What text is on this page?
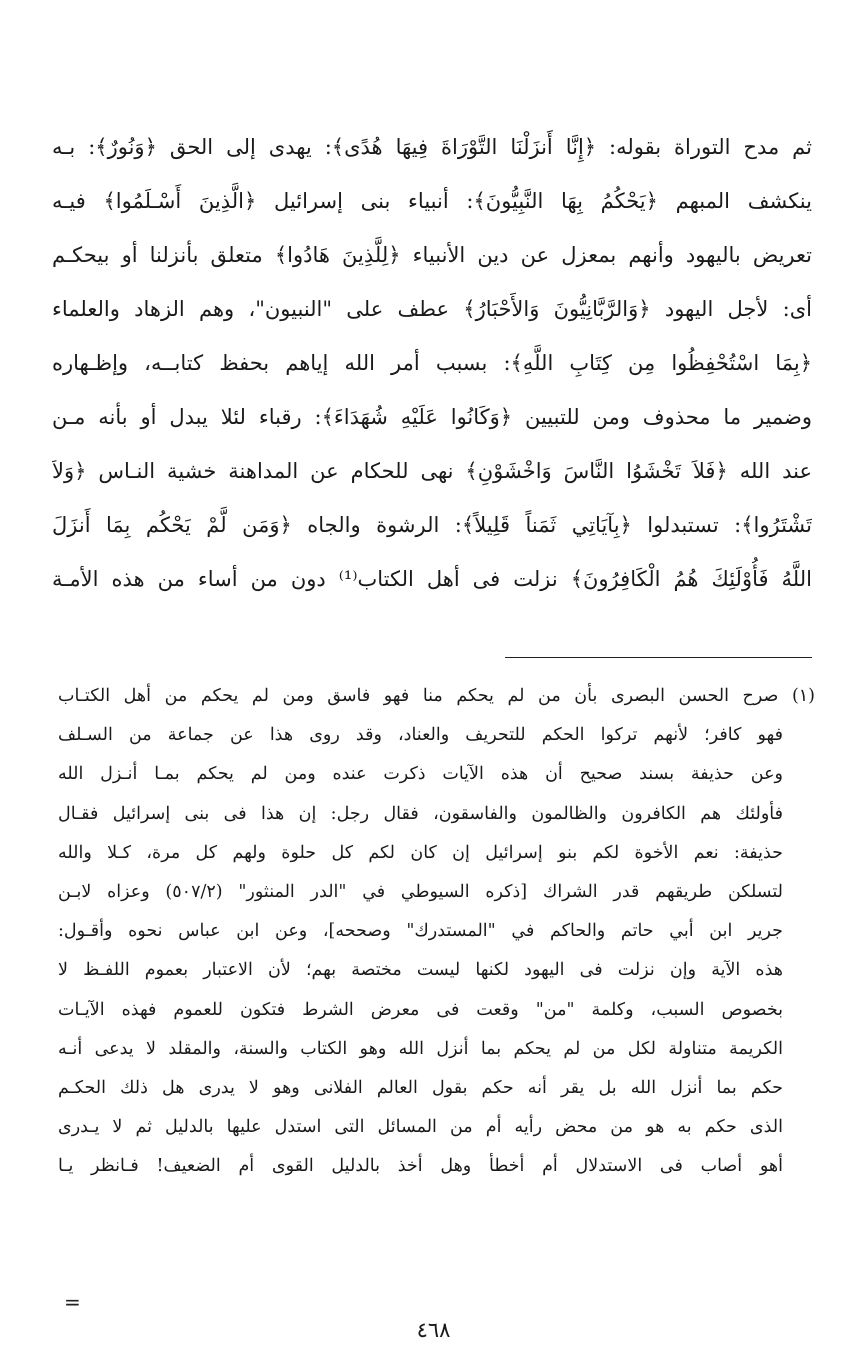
ثم مدح التوراة بقوله: ﴿إِنَّا أَنزَلْنَا التَّوْرَاةَ فِيهَا هُدًى﴾: يهدى إلى الحق ﴿وَنُورٌ﴾: بـه
ينكشف المبهم ﴿يَحْكُمُ بِهَا النَّبِيُّونَ﴾: أنبياء بنى إسرائيل ﴿الَّذِينَ أَسْـلَمُوا﴾ فيـه
تعريض باليهود وأنهم بمعزل عن دين الأنبياء ﴿لِلَّذِينَ هَادُوا﴾ متعلق بأنزلنا أو بيحكـم
أى: لأجل اليهود ﴿وَالرَّبَّانِيُّونَ وَالأَحْبَارُ﴾ عطف على "النبيون"، وهم الزهاد والعلماء
﴿بِمَا اسْتُحْفِظُوا مِن كِتَابِ اللَّهِ﴾: بسبب أمر الله إياهم بحفظ كتابــه، وإظـهاره
وضمير ما محذوف ومن للتبيين ﴿وَكَانُوا عَلَيْهِ شُهَدَاءَ﴾: رقباء لئلا يبدل أو بأنه مـن
عند الله ﴿فَلاَ تَخْشَوُا النَّاسَ وَاخْشَوْنِ﴾ نهى للحكام عن المداهنة خشية النـاس ﴿وَلاَ
تَشْتَرُوا﴾: تستبدلوا ﴿بِآيَاتِي ثَمَناً قَلِيلاً﴾: الرشوة والجاه ﴿وَمَن لَّمْ يَحْكُم بِمَا أَنزَلَ
اللَّهُ فَأُوْلَئِكَ هُمُ الْكَافِرُونَ﴾ نزلت فى أهل الكتاب⁽¹⁾ دون من أساء من هذه الأمـة
(١) صرح الحسن البصرى بأن من لم يحكم منا فهو فاسق ومن لم يحكم من أهل الكتـاب
فهو كافر؛ لأنهم تركوا الحكم للتحريف والعناد، وقد روى هذا عن جماعة من السـلف
وعن حذيفة بسند صحيح أن هذه الآيات ذكرت عنده ومن لم يحكم بمـا أنـزل الله
فأولئك هم الكافرون والظالمون والفاسقون، فقال رجل: إن هذا فى بنى إسرائيل فقـال
حذيفة: نعم الأخوة لكم بنو إسرائيل إن كان لكم كل حلوة ولهم كل مرة، كـلا والله
لتسلكن طريقهم قدر الشراك [ذكره السيوطي في "الدر المنثور" (٥٠٧/٢) وعزاه لابـن
جرير ابن أبي حاتم والحاكم في "المستدرك" وصححه]، وعن ابن عباس نحوه وأقـول:
هذه الآية وإن نزلت فى اليهود لكنها ليست مختصة بهم؛ لأن الاعتبار بعموم اللفـظ لا
بخصوص السبب، وكلمة "من" وقعت فى معرض الشرط فتكون للعموم فهذه الآيـات
الكريمة متناولة لكل من لم يحكم بما أنزل الله وهو الكتاب والسنة، والمقلد لا يدعى أنـه
حكم بما أنزل الله بل يقر أنه حكم بقول العالم الفلانى وهو لا يدرى هل ذلك الحكـم
الذى حكم به هو من محض رأيه أم من المسائل التى استدل عليها بالدليل ثم لا يـدرى
أهو أصاب فى الاستدلال أم أخطأ وهل أخذ بالدليل القوى أم الضعيف! فـانظر يـا
=
٤٦٨
